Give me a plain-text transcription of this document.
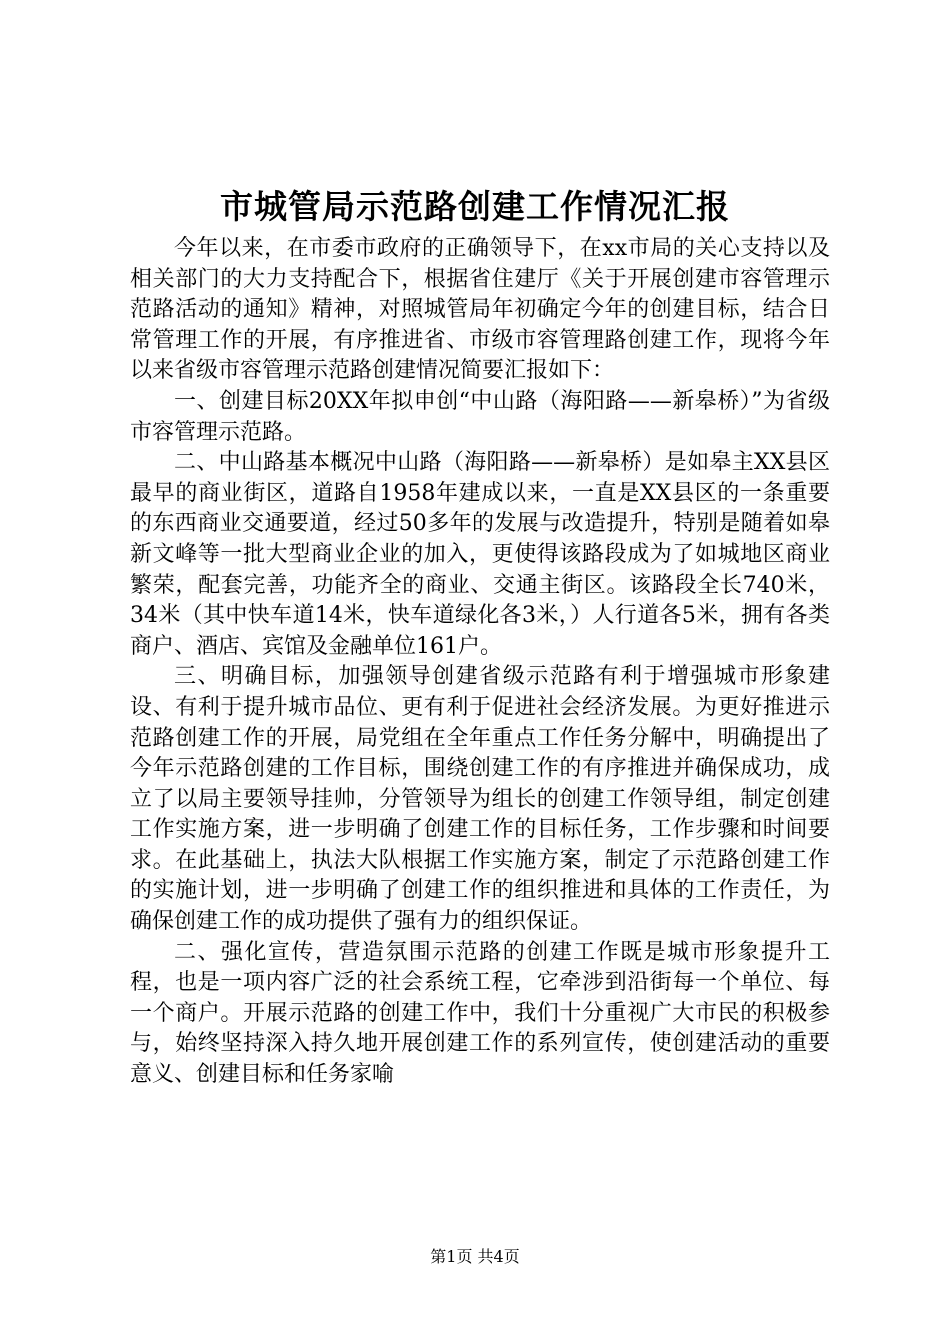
市城管局示范路创建工作情况汇报

今年以来，在市委市政府的正确领导下，在xx市局的关心支持以及相关部门的大力支持配合下，根据省住建厅《关于开展创建市容管理示范路活动的通知》精神，对照城管局年初确定今年的创建目标，结合日常管理工作的开展，有序推进省、市级市容管理路创建工作，现将今年以来省级市容管理示范路创建情况简要汇报如下：

一、创建目标20XX年拟申创“中山路（海阳路——新皋桥）”为省级市容管理示范路。

二、中山路基本概况中山路（海阳路——新皋桥）是如皋主XX县区最早的商业街区，道路自1958年建成以来，一直是XX县区的一条重要的东西商业交通要道，经过50多年的发展与改造提升，特别是随着如皋新文峰等一批大型商业企业的加入，更使得该路段成为了如城地区商业繁荣，配套完善，功能齐全的商业、交通主街区。该路段全长740米，34米（其中快车道14米，快车道绿化各3米，）人行道各5米，拥有各类商户、酒店、宾馆及金融单位161户。

三、明确目标，加强领导创建省级示范路有利于增强城市形象建设、有利于提升城市品位、更有利于促进社会经济发展。为更好推进示范路创建工作的开展，局党组在全年重点工作任务分解中，明确提出了今年示范路创建的工作目标，围绕创建工作的有序推进并确保成功，成立了以局主要领导挂帅，分管领导为组长的创建工作领导组，制定创建工作实施方案，进一步明确了创建工作的目标任务，工作步骤和时间要求。在此基础上，执法大队根据工作实施方案，制定了示范路创建工作的实施计划，进一步明确了创建工作的组织推进和具体的工作责任，为确保创建工作的成功提供了强有力的组织保证。

二、强化宣传，营造氛围示范路的创建工作既是城市形象提升工程，也是一项内容广泛的社会系统工程，它牵涉到沿街每一个单位、每一个商户。开展示范路的创建工作中，我们十分重视广大市民的积极参与，始终坚持深入持久地开展创建工作的系列宣传，使创建活动的重要意义、创建目标和任务家喻

第1页 共4页
